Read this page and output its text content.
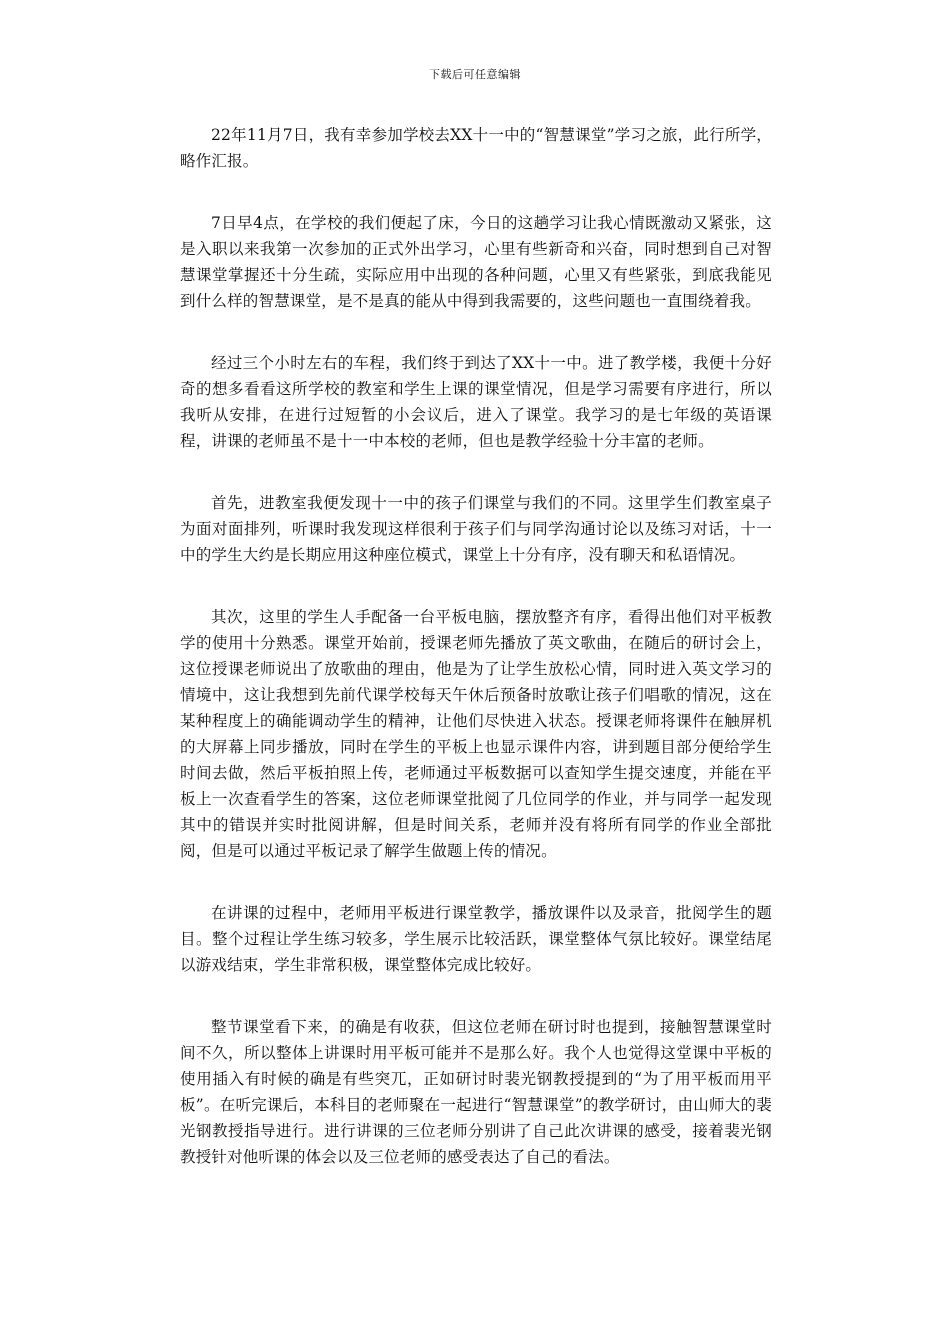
下载后可任意编辑

22年11月7日，我有幸参加学校去XX十一中的“智慧课堂”学习之旅，此行所学，略作汇报。

7日早4点，在学校的我们便起了床，今日的这趟学习让我心情既激动又紧张，这是入职以来我第一次参加的正式外出学习，心里有些新奇和兴奋，同时想到自己对智慧课堂掌握还十分生疏，实际应用中出现的各种问题，心里又有些紧张，到底我能见到什么样的智慧课堂，是不是真的能从中得到我需要的，这些问题也一直围绕着我。

经过三个小时左右的车程，我们终于到达了XX十一中。进了教学楼，我便十分好奇的想多看看这所学校的教室和学生上课的课堂情况，但是学习需要有序进行，所以我听从安排，在进行过短暂的小会议后，进入了课堂。我学习的是七年级的英语课程，讲课的老师虽不是十一中本校的老师，但也是教学经验十分丰富的老师。

首先，进教室我便发现十一中的孩子们课堂与我们的不同。这里学生们教室桌子为面对面排列，听课时我发现这样很利于孩子们与同学沟通讨论以及练习对话，十一中的学生大约是长期应用这种座位模式，课堂上十分有序，没有聊天和私语情况。

其次，这里的学生人手配备一台平板电脑，摆放整齐有序，看得出他们对平板教学的使用十分熟悉。课堂开始前，授课老师先播放了英文歌曲，在随后的研讨会上，这位授课老师说出了放歌曲的理由，他是为了让学生放松心情，同时进入英文学习的情境中，这让我想到先前代课学校每天午休后预备时放歌让孩子们唱歌的情况，这在某种程度上的确能调动学生的精神，让他们尽快进入状态。授课老师将课件在触屏机的大屏幕上同步播放，同时在学生的平板上也显示课件内容，讲到题目部分便给学生时间去做，然后平板拍照上传，老师通过平板数据可以查知学生提交速度，并能在平板上一次查看学生的答案，这位老师课堂批阅了几位同学的作业，并与同学一起发现其中的错误并实时批阅讲解，但是时间关系，老师并没有将所有同学的作业全部批阅，但是可以通过平板记录了解学生做题上传的情况。

在讲课的过程中，老师用平板进行课堂教学，播放课件以及录音，批阅学生的题目。整个过程让学生练习较多，学生展示比较活跃，课堂整体气氛比较好。课堂结尾以游戏结束，学生非常积极，课堂整体完成比较好。

整节课堂看下来，的确是有收获，但这位老师在研讨时也提到，接触智慧课堂时间不久，所以整体上讲课时用平板可能并不是那么好。我个人也觉得这堂课中平板的使用插入有时候的确是有些突兀，正如研讨时裴光钢教授提到的“为了用平板而用平板”。在听完课后，本科目的老师聚在一起进行“智慧课堂”的教学研讨，由山师大的裴光钢教授指导进行。进行讲课的三位老师分别讲了自己此次讲课的感受，接着裴光钢教授针对他听课的体会以及三位老师的感受表达了自己的看法。
